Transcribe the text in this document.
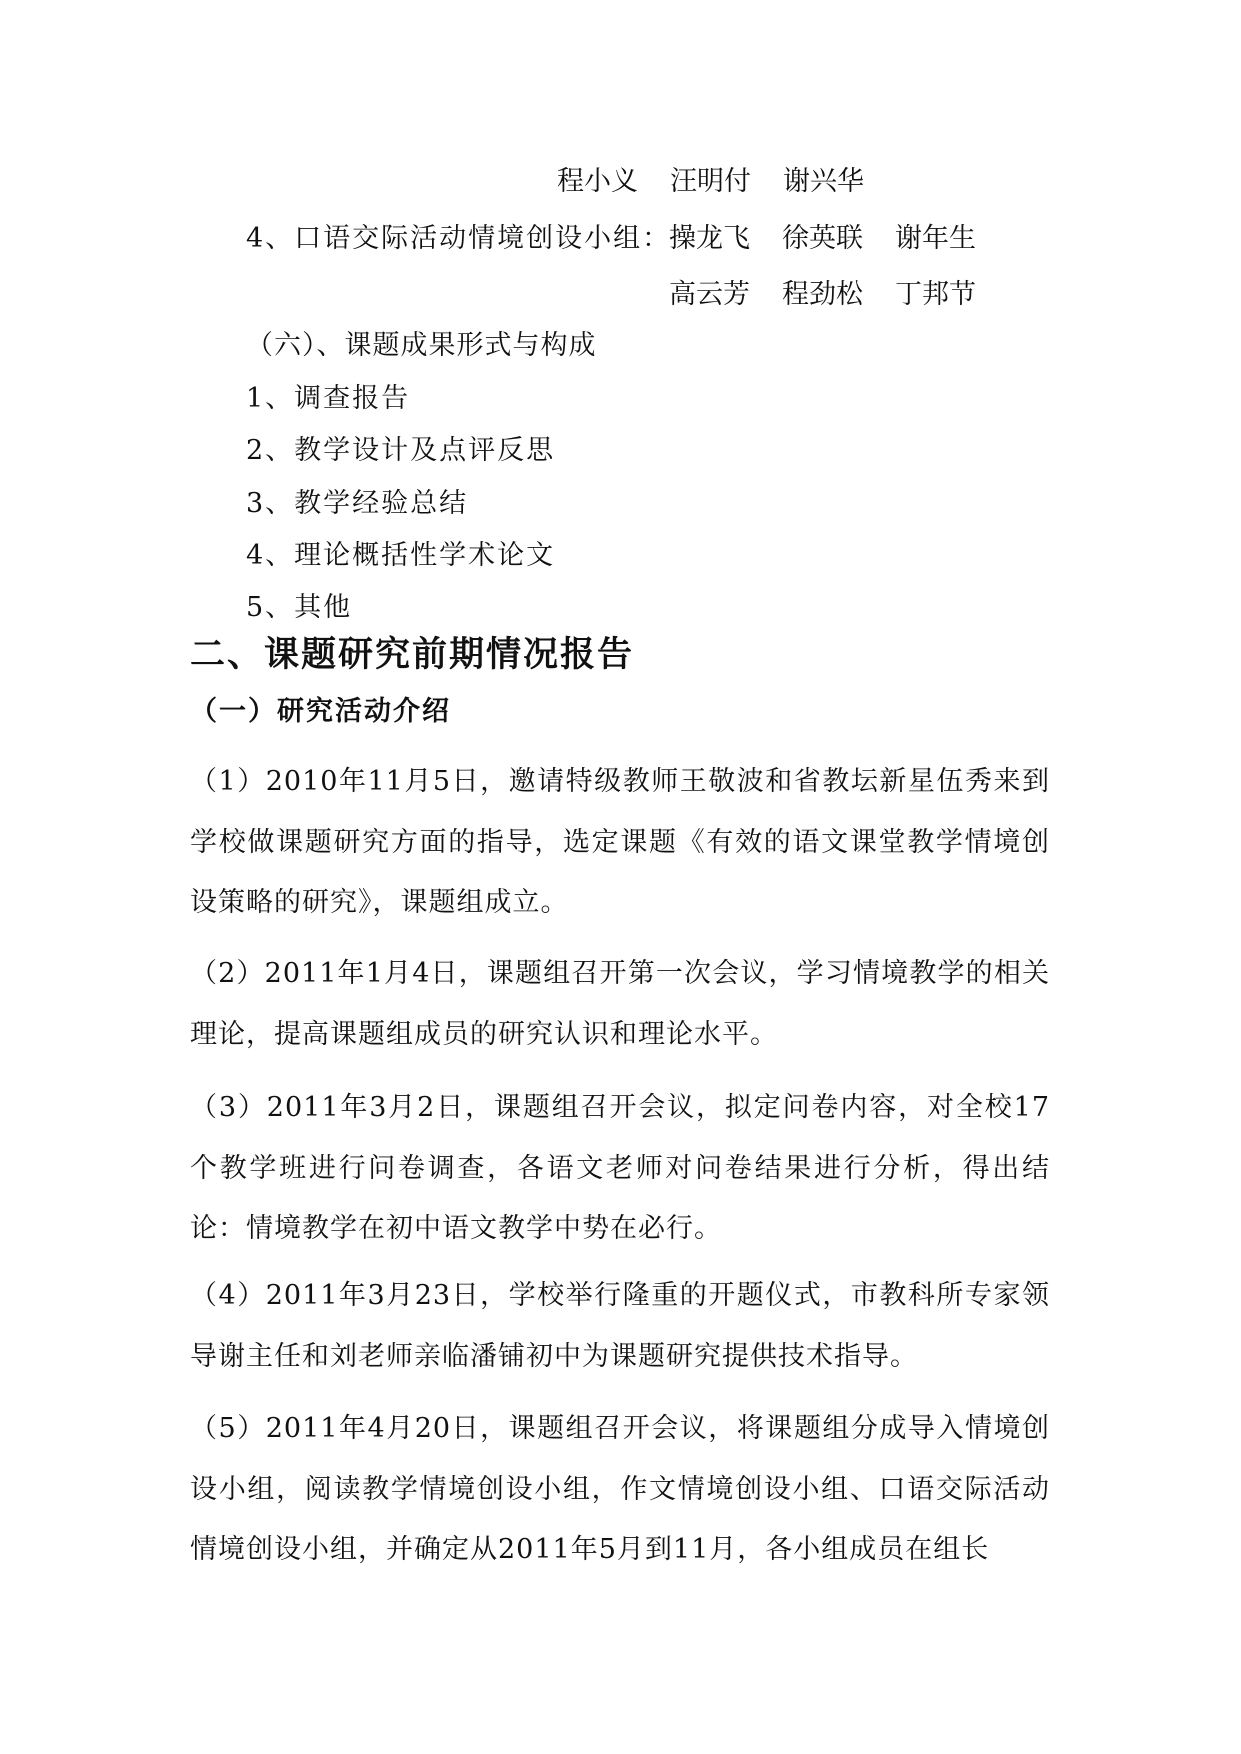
程小义 汪明付 谢兴华
4、口语交际活动情境创设小组：
操龙飞 徐英联 谢年生
高云芳 程劲松 丁邦节
（六）、课题成果形式与构成
1、调查报告
2、教学设计及点评反思
3、教学经验总结
4、理论概括性学术论文
5、其他
二、课题研究前期情况报告
（一）研究活动介绍
（1）2010年11月5日，邀请特级教师王敬波和省教坛新星伍秀来到学校做课题研究方面的指导，选定课题《有效的语文课堂教学情境创设策略的研究》，课题组成立。
（2）2011年1月4日，课题组召开第一次会议，学习情境教学的相关理论，提高课题组成员的研究认识和理论水平。
（3）2011年3月2日，课题组召开会议，拟定问卷内容，对全校17个教学班进行问卷调查，各语文老师对问卷结果进行分析，得出结论：情境教学在初中语文教学中势在必行。
（4）2011年3月23日，学校举行隆重的开题仪式，市教科所专家领导谢主任和刘老师亲临潘铺初中为课题研究提供技术指导。
（5）2011年4月20日，课题组召开会议，将课题组分成导入情境创设小组，阅读教学情境创设小组，作文情境创设小组、口语交际活动情境创设小组，并确定从2011年5月到11月，各小组成员在组长
